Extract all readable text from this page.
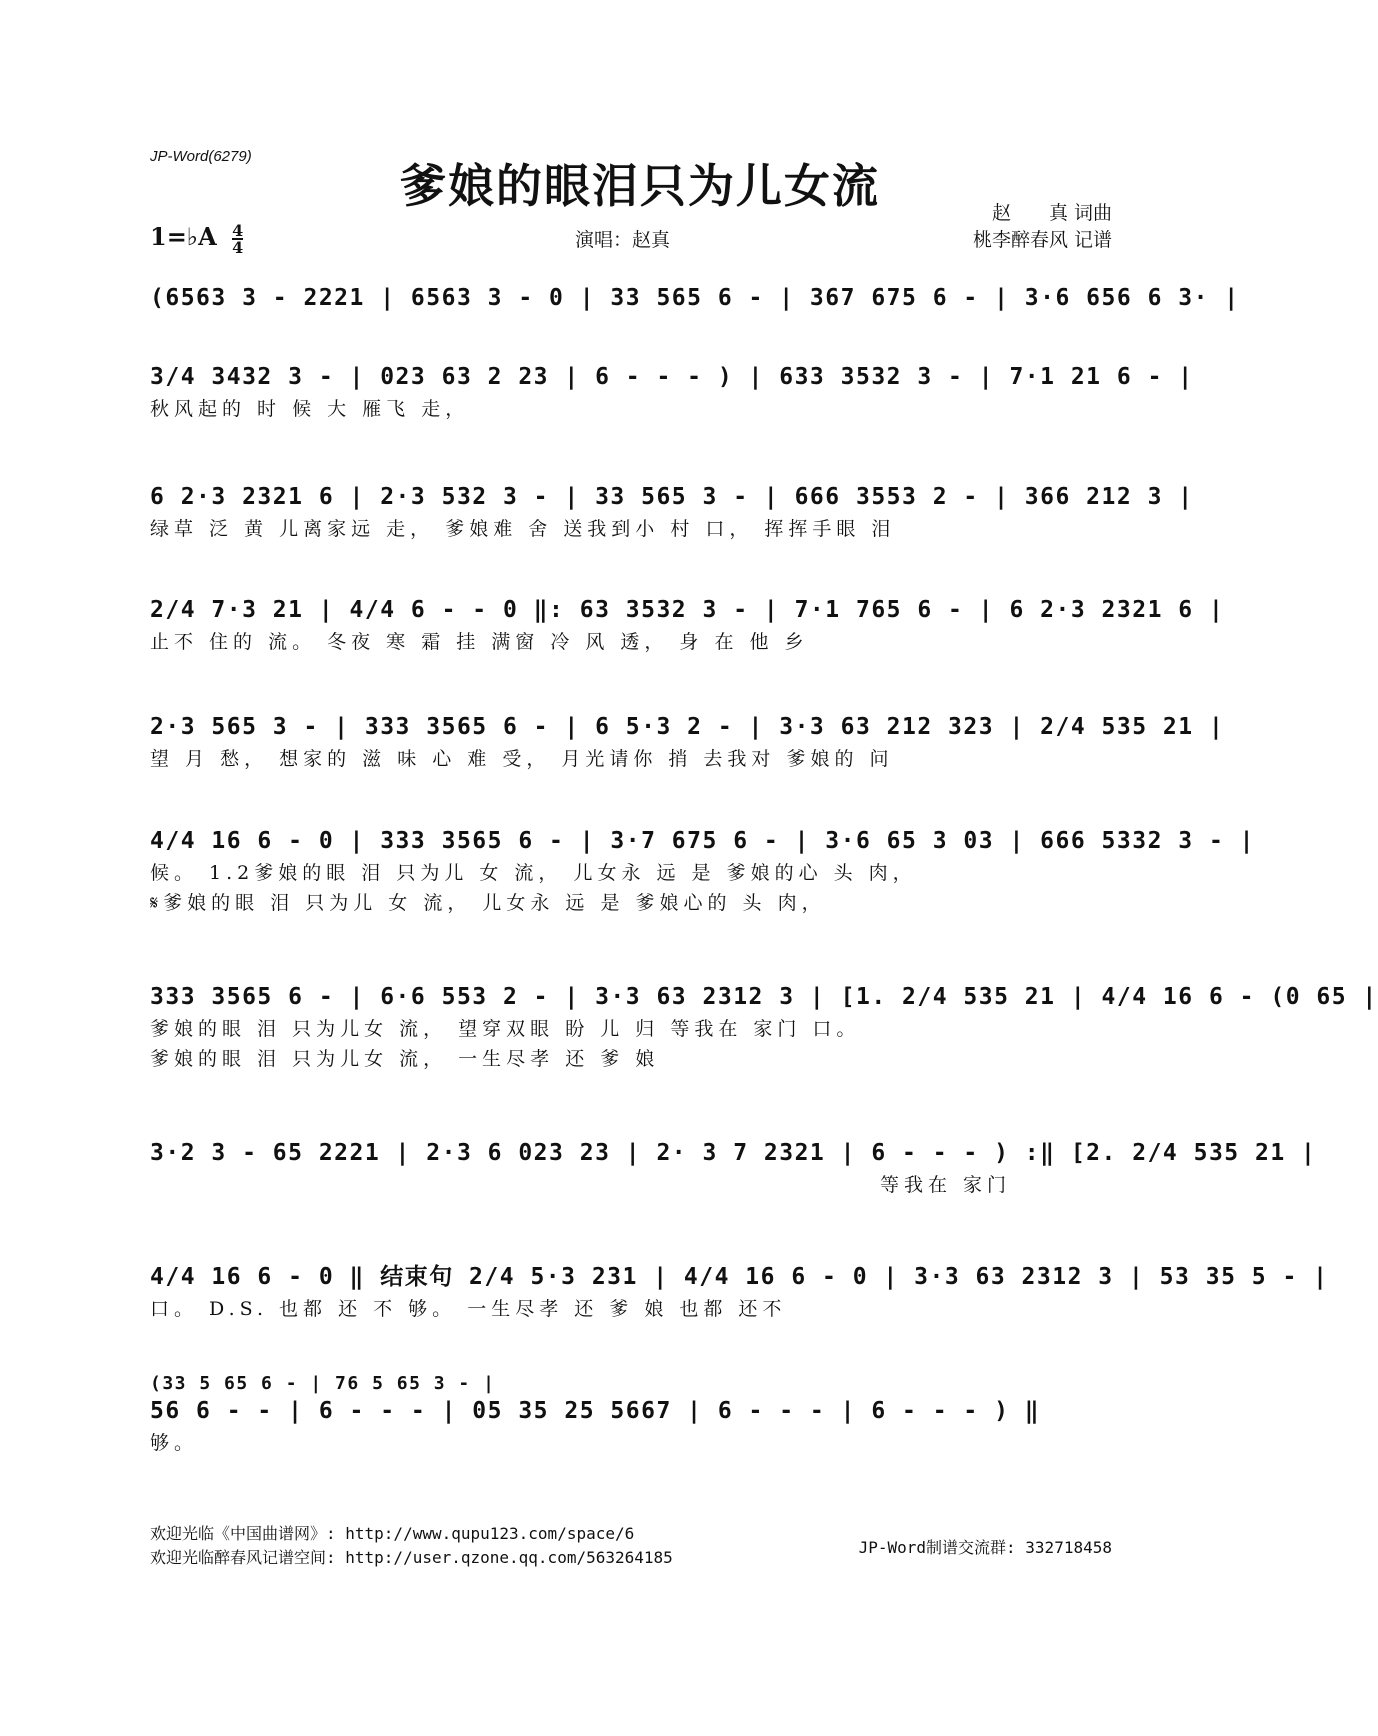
JP-Word(6279)
爹娘的眼泪只为儿女流	赵　　真 词曲
桃李醉春风 记谱
1=♭A $\frac{4}{4}$	演唱：赵真
(6563 3 - 2221 | 6563 3 - 0 | 33 565 6 - | 367 675 6 - | 3·6 656 6 3· |
3/4 3432 3 - | 023 63 2 23 | 6 - - - ) | 633 3532 3 - | 7·1 21 6 - |
秋风起的 时 候 大 雁飞 走，
6 2·3 2321 6 | 2·3 532 3 - | 33 565 3 - | 666 3553 2 - | 366 212 3 |
绿草 泛 黄 儿离家远 走， 爹娘难 舍 送我到小 村 口， 挥挥手眼 泪
2/4 7·3 21 | 4/4 6 - - 0 ‖: 63 3532 3 - | 7·1 765 6 - | 6 2·3 2321 6 |
止不 住的 流。 冬夜 寒 霜 挂 满窗 冷 风 透， 身 在 他 乡
2·3 565 3 - | 333 3565 6 - | 6 5·3 2 - | 3·3 63 212 323 | 2/4 535 21 |
望 月 愁， 想家的 滋 味 心 难 受， 月光请你 捎 去我对 爹娘的 问
4/4 16 6 - 0 | 333 3565 6 - | 3·7 675 6 - | 3·6 65 3 03 | 666 5332 3 - |
候。 1.2爹娘的眼 泪 只为儿 女 流， 儿女永 远 是 爹娘的心 头 肉，
𝄋爹娘的眼 泪 只为儿 女 流， 儿女永 远 是 爹娘心的 头 肉，
333 3565 6 - | 6·6 553 2 - | 3·3 63 2312 3 | [1. 2/4 535 21 | 4/4 16 6 - (0 65 |
爹娘的眼 泪 只为儿女 流， 望穿双眼 盼 儿 归 等我在 家门 口。
爹娘的眼 泪 只为儿女 流， 一生尽孝 还 爹 娘
3·2 3 - 65 2221 | 2·3 6 023 23 | 2· 3 7 2321 | 6 - - - ) :‖ [2. 2/4 535 21 |
等我在 家门
4/4 16 6 - 0 ‖ 结束句 2/4 5·3 231 | 4/4 16 6 - 0 | 3·3 63 2312 3 | 53 35 5 - |
口。 D.S. 也都 还 不 够。 一生尽孝 还 爹 娘 也都 还不
(33 5 65 6 - | 76 5 65 3 - |
56 6 - - | 6 - - - | 05 35 25 5667 | 6 - - - | 6 - - - ) ‖
够。
欢迎光临《中国曲谱网》: http://www.qupu123.com/space/6
欢迎光临醉春风记谱空间: http://user.qzone.qq.com/563264185
JP-Word制谱交流群: 332718458
